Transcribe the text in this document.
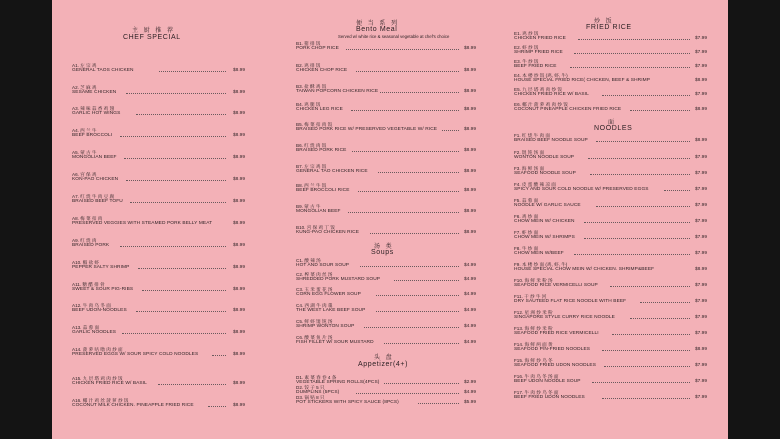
主 厨 推 荐
CHEF SPECIAL
A1. 左 宗 鸡
GENERAL TAOS CHICKEN	$8.99
A2. 芝 麻 鸡
SESAME CHICKEN	$8.99
A3. 辣 味 蒜 香 鸡 翅
GARLIC HOT WINGS	$8.99
A4. 西 兰 牛
BEEF BROCCOLI	$8.99
A5. 蒙 古 牛
MONGOLIAN BEEF	$8.99
A6. 宫 保 鸡
KON-PAO CHICKEN	$8.99
A7. 红 烧 牛 肉 豆 腐
BRAISED BEEF TOFU	$8.99
A8. 梅 菜 扣 肉
PRESERVED VEGGIES WITH STEAMED PORK BELLY MEAT	$8.99
A9. 红 烧 肉
BRAISED PORK	$8.99
A10. 椒 盐 虾
PEPPER SALTY SHRIMP	$8.99
A11. 糖 醋 排 骨
SWEET & SOUR PIG-RIBS	$8.99
A12. 牛 肉 乌 冬 面
BEEF UDON-NOODLES	$8.99
A13. 蒜 蓉 面
GARLIC NOODLES	$8.99
A14. 菠 萝 咕 噜 肉 炒 面
PRESERVED EGGS W/ SOUR SPICY COLD NOODLES	$8.99
A15. 九 层 塔 鸡 肉 炒 饭
CHICKEN FRIED RICE W/ BASIL	$8.99
A16. 椰 汁 鸡 丝 菠 萝 炒 饭
COCONUT MILK CHICKEN. PINEAPPLE FRIED RICE	$8.99
便 当 系 列
Bento Meal
Served w/ white rice & seasonal vegetable at chef's choice
B1. 猪 排 饭
PORK CHOP RICE	$8.99
B2. 鸡 排 饭
CHICKEN CHOP RICE	$8.99
B3. 盐 酥 鸡 饭
TAIWAN POPCORN CHICKEN RICE	$8.99
B4. 鸡 腿 饭
CHICKEN LEG RICE	$8.99
B5. 梅 菜 扣 肉 饭
BRAISED PORK RICE W/ PRESERVED VEGETABLE W/ RICE	$8.99
B6. 红 烧 肉 饭
BRAISED PORK RICE	$8.99
B7. 左 宗 鸡 饭
GENERAL TAO CHICKEN RICE	$8.99
B8. 西 兰 牛 饭
BEEF BROCCOLI RICE	$8.99
B9. 蒙 古 牛
MONGOLIAN BEEF	$8.99
B10. 宫 保 鸡 丁 饭
KUNG-PAO CHICKEN RICE	$8.99
汤 类
Soups
C1. 酸 辣 汤
HOT AND SOUR SOUP	$4.99
C2. 榨 菜 肉 丝 汤
SHREDDED PORK MUSTARD SOUP	$4.99
C3. 玉 米 蛋 花 汤
CORN EGG FLOWER SOUP	$4.99
C4. 西 湖 牛 肉 羹
THE WEST LAKE BEEF SOUP	$4.99
C5. 鲜 虾 馄 饨 汤
SHRIMP WONTON SOUP	$4.99
C6. 酸 菜 鱼 片 汤
FISH FILLET W/ SOUR MUSTARD	$4.99
头 盘
Appetizer(4+)
D1. 素 菜 春 卷 4 条
VEGETABLE SPRING ROLLS(4PCS)	$2.99
D2. 饺 子 5 只
DUMPLINS (5PCS)	$4.99
D3. 锅 贴 8 只
POT STICKERS WITH SPICY SAUCE (8PCS)	$5.99
炒 饭
FRIED RICE
E1. 鸡 炒 饭
CHICKEN FRIED RICE	$7.99
E2. 虾 炒 饭
SHRIMP FRIED RICE	$7.99
E3. 牛 炒 饭
BEEF FRIED RICE	$7.99
E4. 本 楼 炒 饭 (鸡, 虾, 牛)
HOUSE SPECIAL FRIED RICE( CHICKEN, BEEF & SHRIMP	$8.99
E5. 九 层 塔 鸡 肉 炒 饭
CHICKEN FRIED RICE W/ BASIL	$7.99
E6. 椰 汁 菠 萝 鸡 肉 炒 饭
COCONUT PINEAPPLE CHICKEN FRIED RICE	$8.99
面
NOODLES
F1. 红 烧 牛 肉 面
BRAISED BEEF NOODLE SOUP	$8.99
F2. 馄 饨 汤 面
WONTON NOODLE SOUP	$7.99
F3. 海 鲜 汤 面
SEAFOOD NOODLE SOUP	$7.99
F4. 皮 蛋 酸 辣 凉 面
SPICY AND SOUR COLD NOODLE W/ PRESERVED EGGS	$7.99
F5. 蒜 蓉 面
NOODLE W/ GARLIC SAUCE	$7.99
F6. 鸡 炒 面
CHOW MEIN W/ CHICKEN	$7.99
F7. 虾 炒 面
CHOW MEIN W/ SHRIMPS	$7.99
F8. 牛 炒 面
CHOW MEIN W/BEEF	$7.99
F9. 本 楼 炒 面 (鸡, 虾, 牛)
HOUSE SPECIAL CHOW MEIN W/ CHICKEN. SHRIMP&BEEF	$8.99
F10. 海 鲜 米 粉 汤
SEAFOOD RICE VERMICELLI SOUP	$7.99
F11. 干 炒 牛 河
DRY SAUTEED FLAT RICE NOODLE WITH BEEF	$7.99
F12. 星 洲 炒 米 粉
SINGAPORE STYLE CURRY RICE NOODLE	$7.99
F13. 海 鲜 炒 米 粉
SEAFOOD FRIED RICE VERMICELLI	$7.99
F14. 海 鲜 两 面 黄
SEAFOOD P/N-FRIED NOODLES	$8.99
F15. 海 鲜 炒 乌 冬
SEAFOOD FRIED UDON NOODLES	$7.99
F16. 牛 肉 乌 冬 汤 面
BEEF UDON NOODLE SOUP	$7.99
F17. 牛 肉 炒 乌 冬 面
BEEF FRIED UDON NOODLES	$7.99
